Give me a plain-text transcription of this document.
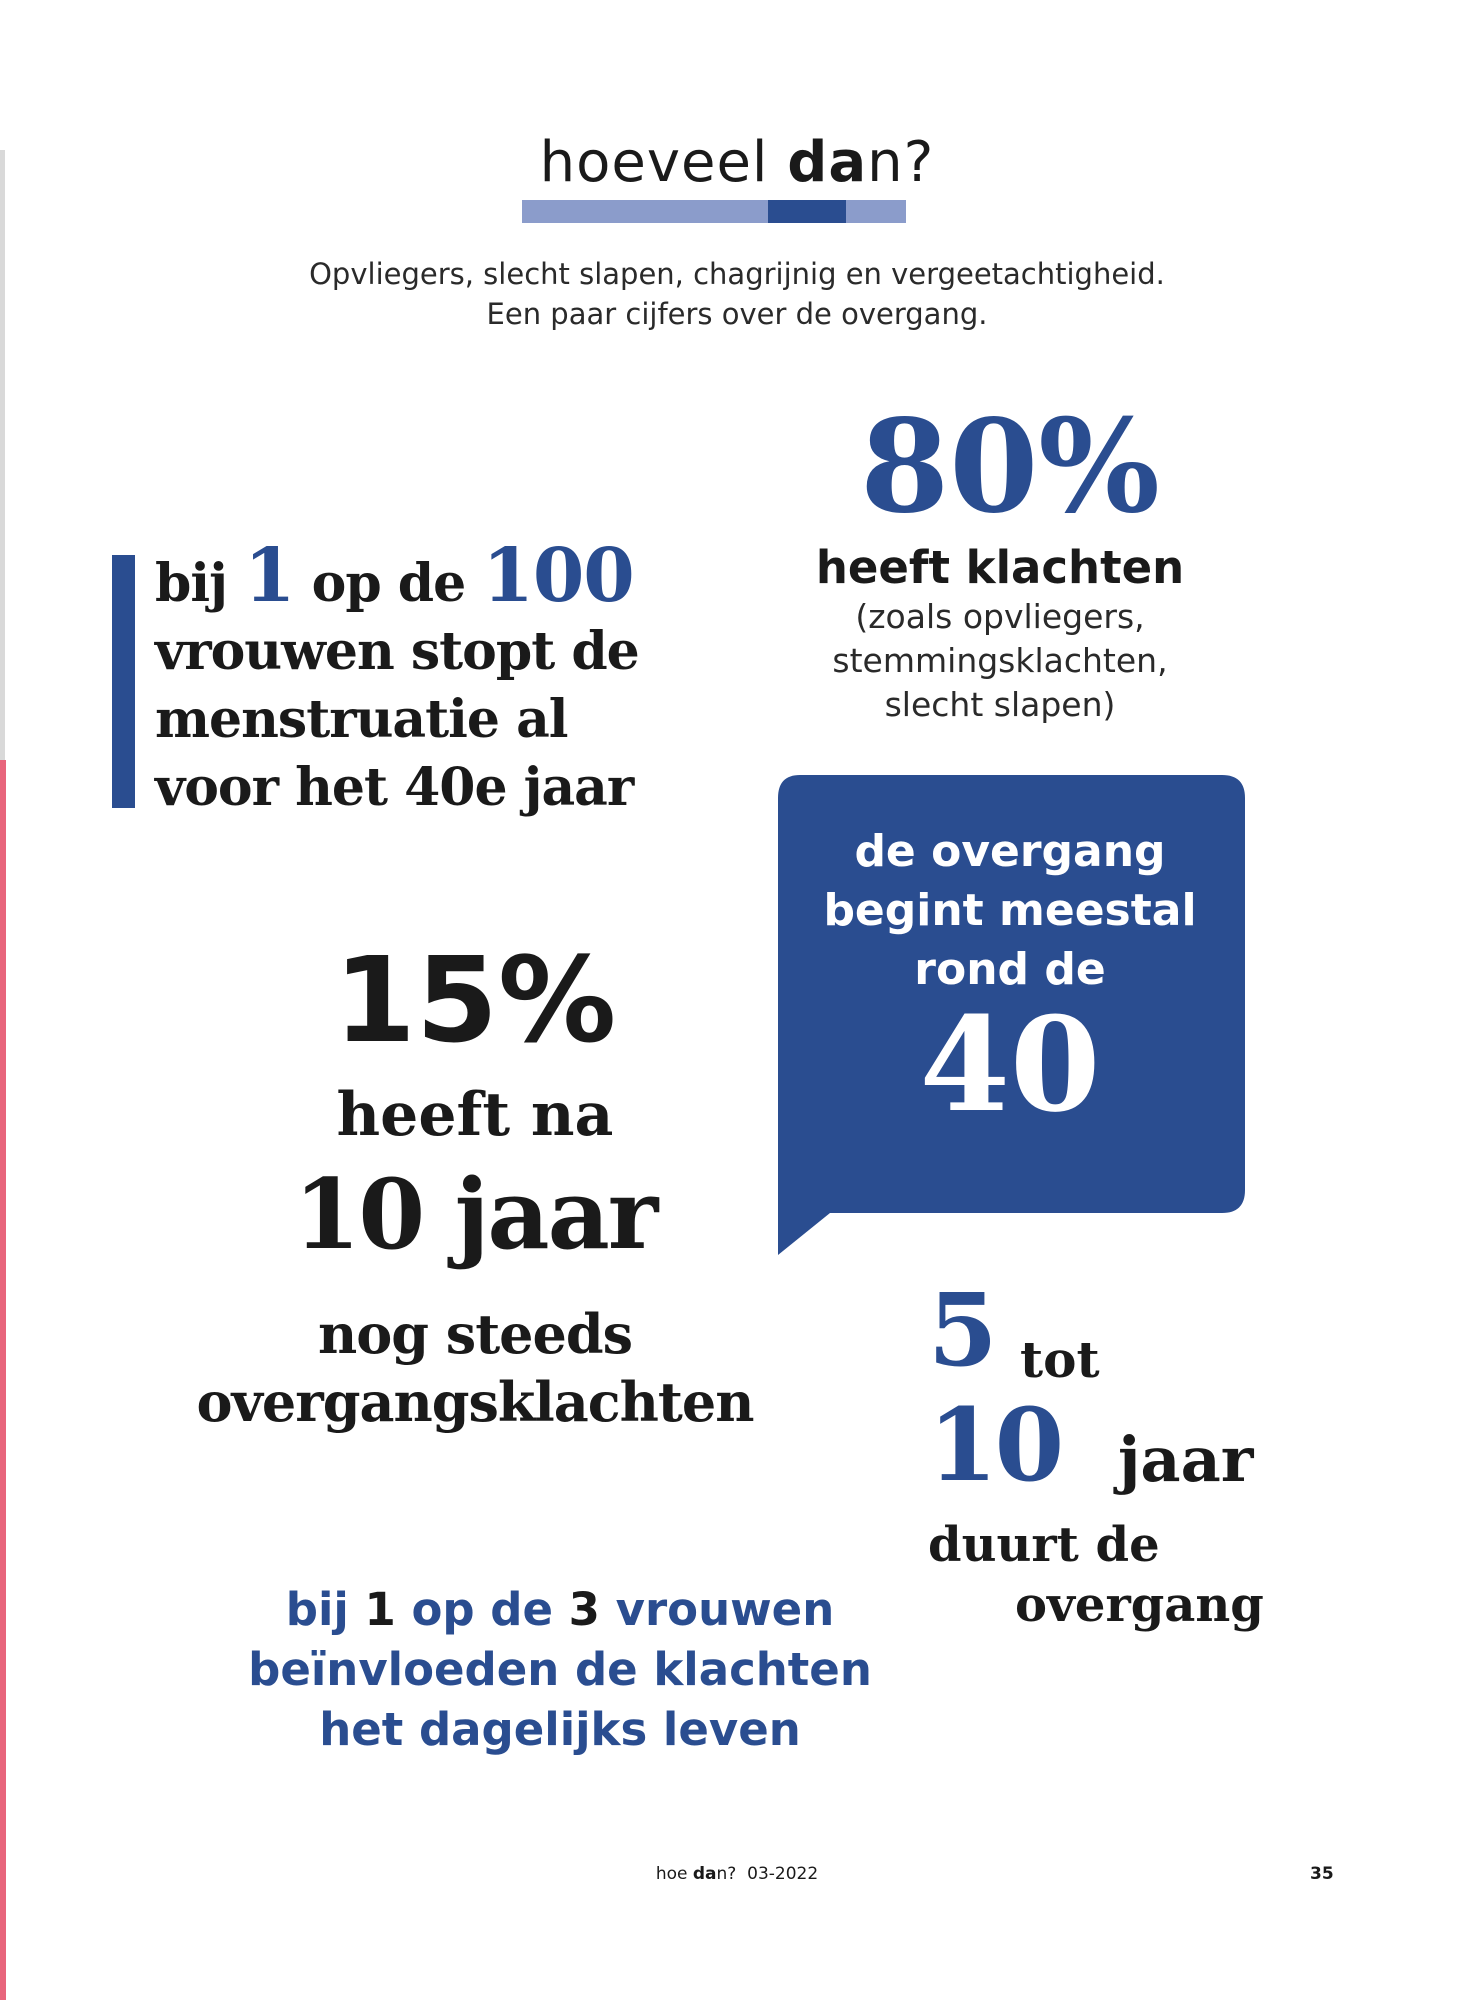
hoeveel dan?
Opvliegers, slecht slapen, chagrijnig en vergeetachtigheid.
Een paar cijfers over de overgang.
bij 1 op de 100
vrouwen stopt de
menstruatie al
voor het 40e jaar
80%
heeft klachten
(zoals opvliegers,
stemmingsklachten,
slecht slapen)
de overgang
begint meestal
rond de
40
15%
heeft na
10 jaar
nog steeds
overgangsklachten
5 tot
10 jaar
duurt de
overgang
bij 1 op de 3 vrouwen
beïnvloeden de klachten
het dagelijks leven
hoe dan? 03-2022	35
